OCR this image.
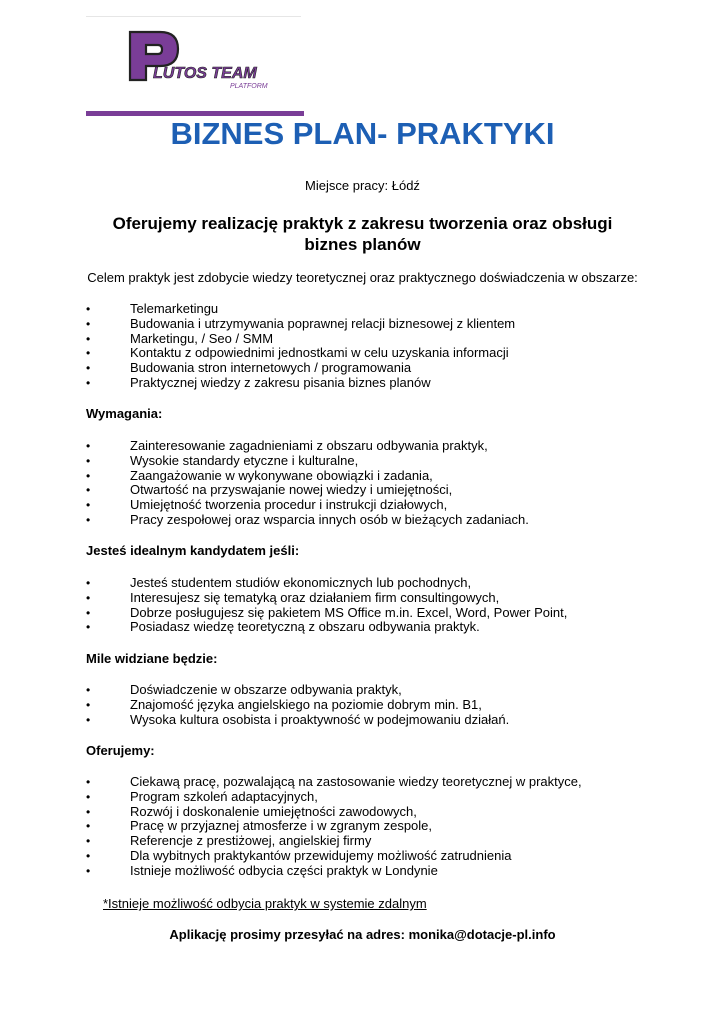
LUTOS TEAM
PLATFORM
BIZNES PLAN- PRAKTYKI
Miejsce pracy: Łódź
Oferujemy realizację praktyk z zakresu tworzenia oraz obsługi biznes planów
Celem praktyk jest zdobycie wiedzy teoretycznej oraz praktycznego doświadczenia w obszarze:
• Telemarketingu
• Budowania i utrzymywania poprawnej relacji biznesowej z klientem
• Marketingu, / Seo / SMM
• Kontaktu z odpowiednimi jednostkami w celu uzyskania informacji
• Budowania stron internetowych / programowania
• Praktycznej wiedzy z zakresu pisania biznes planów
Wymagania:
• Zainteresowanie zagadnieniami z obszaru odbywania praktyk,
• Wysokie standardy etyczne i kulturalne,
• Zaangażowanie w wykonywane obowiązki i zadania,
• Otwartość na przyswajanie nowej wiedzy i umiejętności,
• Umiejętność tworzenia procedur i instrukcji działowych,
• Pracy zespołowej oraz wsparcia innych osób w bieżących zadaniach.
Jesteś idealnym kandydatem jeśli:
• Jesteś studentem studiów ekonomicznych lub pochodnych,
• Interesujesz się tematyką oraz działaniem firm consultingowych,
• Dobrze posługujesz się pakietem MS Office m.in. Excel, Word, Power Point,
• Posiadasz wiedzę teoretyczną z obszaru odbywania praktyk.
Mile widziane będzie:
• Doświadczenie w obszarze odbywania praktyk,
• Znajomość języka angielskiego na poziomie dobrym min. B1,
• Wysoka kultura osobista i proaktywność w podejmowaniu działań.
Oferujemy:
• Ciekawą pracę, pozwalającą na zastosowanie wiedzy teoretycznej w praktyce,
• Program szkoleń adaptacyjnych,
• Rozwój i doskonalenie umiejętności zawodowych,
• Pracę w przyjaznej atmosferze i w zgranym zespole,
• Referencje z prestiżowej, angielskiej firmy
• Dla wybitnych praktykantów przewidujemy możliwość zatrudnienia
• Istnieje możliwość odbycia części praktyk w Londynie
*Istnieje możliwość odbycia praktyk w systemie zdalnym
Aplikację prosimy przesyłać na adres: monika@dotacje-pl.info
